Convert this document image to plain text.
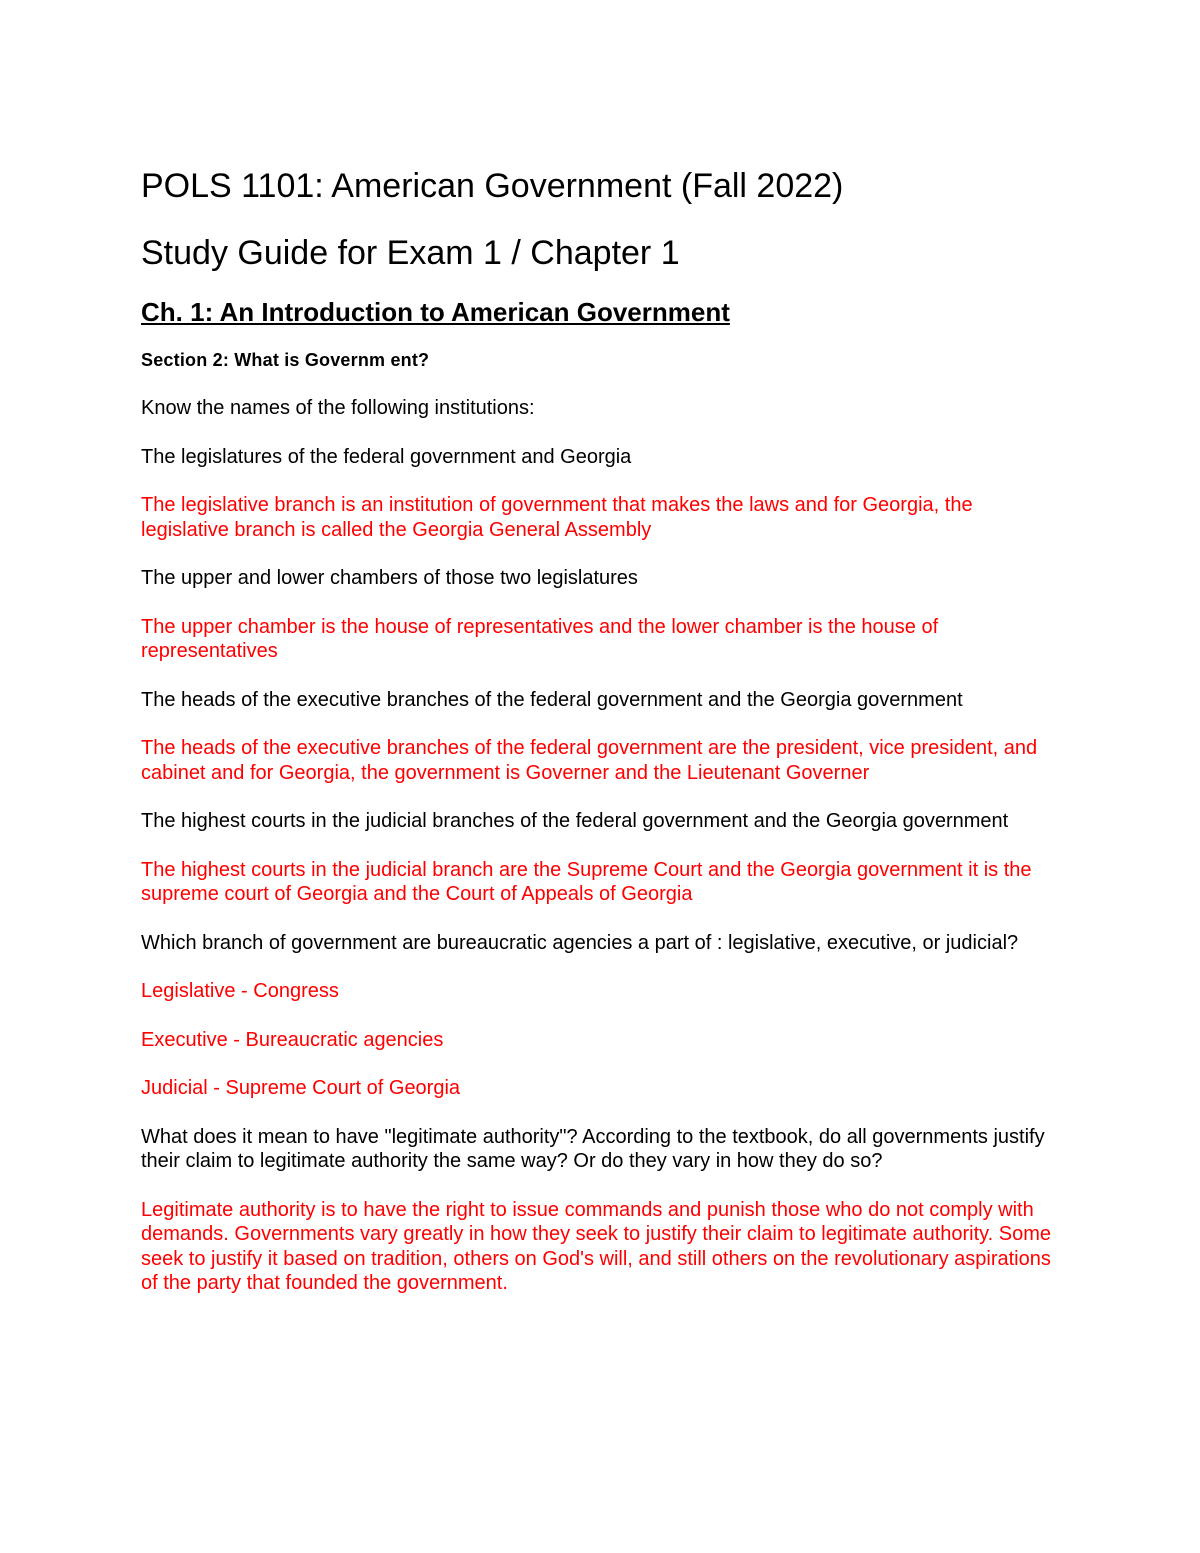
POLS 1101: American Government (Fall 2022)
Study Guide for Exam 1 / Chapter 1
Ch. 1: An Introduction to American Government
Section 2: What is Governm ent?

Know the names of the following institutions:

The legislatures of the federal government and Georgia

The legislative branch is an institution of government that makes the laws and for Georgia, the legislative branch is called the Georgia General Assembly

The upper and lower chambers of those two legislatures

The upper chamber is the house of representatives and the lower chamber is the house of representatives

The heads of the executive branches of the federal government and the Georgia government

The heads of the executive branches of the federal government are the president, vice president, and cabinet and for Georgia, the government is Governer and the Lieutenant Governer

The highest courts in the judicial branches of the federal government and the Georgia government

The highest courts in the judicial branch are the Supreme Court and the Georgia government it is the supreme court of Georgia and the Court of Appeals of Georgia

Which branch of government are bureaucratic agencies a part of : legislative, executive, or judicial?

Legislative - Congress

Executive - Bureaucratic agencies

Judicial - Supreme Court of Georgia

What does it mean to have "legitimate authority"? According to the textbook, do all governments justify their claim to legitimate authority the same way? Or do they vary in how they do so?

Legitimate authority is to have the right to issue commands and punish those who do not comply with demands. Governments vary greatly in how they seek to justify their claim to legitimate authority. Some seek to justify it based on tradition, others on God's will, and still others on the revolutionary aspirations of the party that founded the government.
